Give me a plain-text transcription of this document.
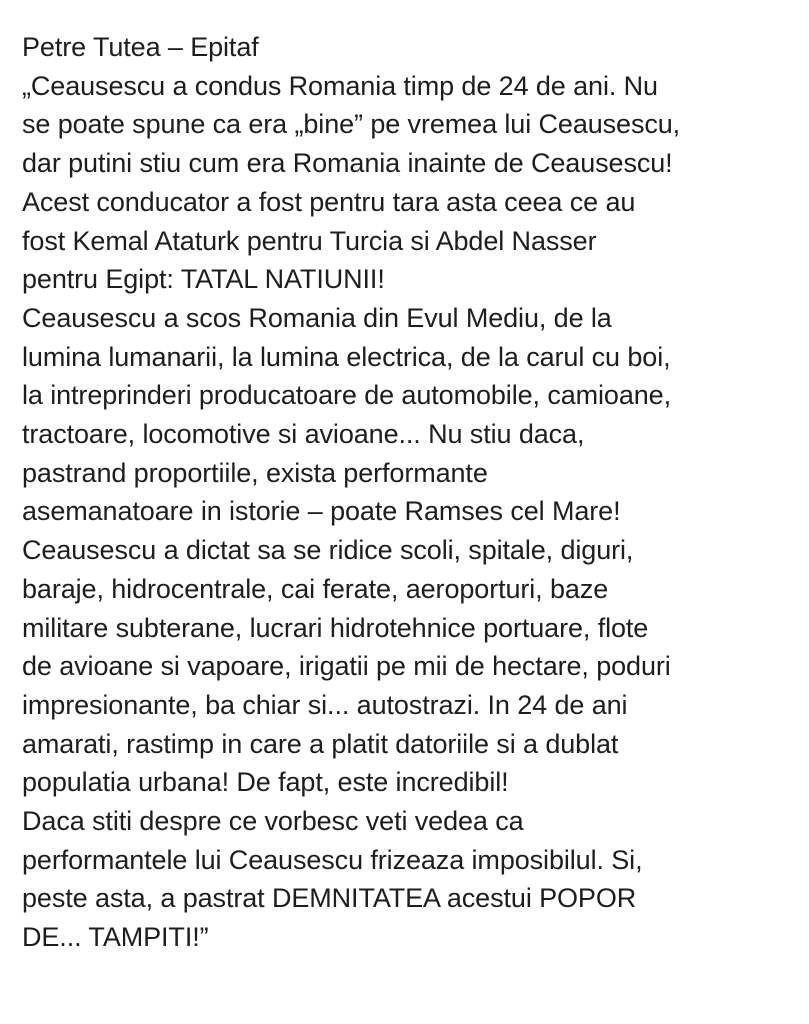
Petre Tutea – Epitaf
„Ceausescu a condus Romania timp de 24 de ani. Nu
se poate spune ca era „bine” pe vremea lui Ceausescu,
dar putini stiu cum era Romania inainte de Ceausescu!
Acest conducator a fost pentru tara asta ceea ce au
fost Kemal Ataturk pentru Turcia si Abdel Nasser
pentru Egipt: TATAL NATIUNII!
Ceausescu a scos Romania din Evul Mediu, de la
lumina lumanarii, la lumina electrica, de la carul cu boi,
la intreprinderi producatoare de automobile, camioane,
tractoare, locomotive si avioane... Nu stiu daca,
pastrand proportiile, exista performante
asemanatoare in istorie – poate Ramses cel Mare!
Ceausescu a dictat sa se ridice scoli, spitale, diguri,
baraje, hidrocentrale, cai ferate, aeroporturi, baze
militare subterane, lucrari hidrotehnice portuare, flote
de avioane si vapoare, irigatii pe mii de hectare, poduri
impresionante, ba chiar si... autostrazi. In 24 de ani
amarati, rastimp in care a platit datoriile si a dublat
populatia urbana! De fapt, este incredibil!
Daca stiti despre ce vorbesc veti vedea ca
performantele lui Ceausescu frizeaza imposibilul. Si,
peste asta, a pastrat DEMNITATEA acestui POPOR
DE... TAMPITI!”
